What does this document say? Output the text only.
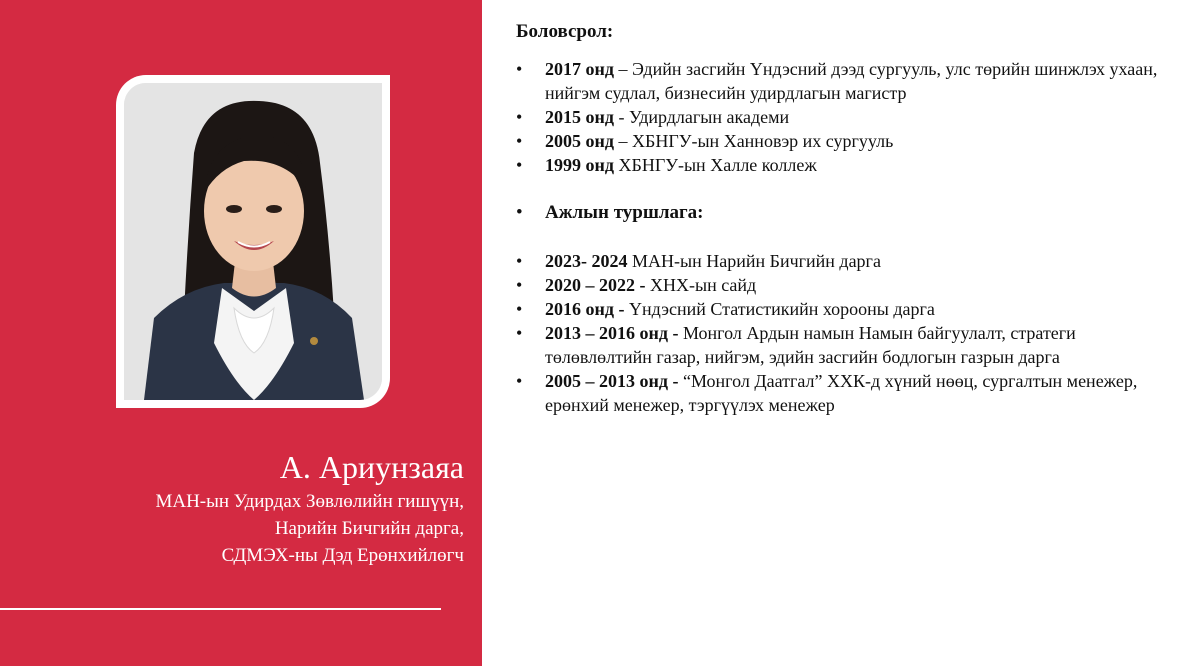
А. Ариунзаяа
МАН-ын Удирдах Зөвлөлийн гишүүн,
Нарийн Бичгийн дарга,
СДМЭХ-ны Дэд Ерөнхийлөгч
Боловсрол:
• 2017 онд – Эдийн засгийн Үндэсний дээд сургууль, улс төрийн шинжлэх ухаан, нийгэм судлал, бизнесийн удирдлагын магистр
• 2015 онд - Удирдлагын академи
• 2005 онд – ХБНГУ-ын Ханновэр их сургууль
• 1999 онд ХБНГУ-ын Халле коллеж
• Ажлын туршлага:
• 2023- 2024 МАН-ын Нарийн Бичгийн дарга
• 2020 – 2022 - ХНХ-ын сайд
• 2016 онд - Үндэсний Статистикийн хорооны дарга
• 2013 – 2016 онд - Монгол Ардын намын Намын байгуулалт, стратеги төлөвлөлтийн газар, нийгэм, эдийн засгийн бодлогын газрын дарга
• 2005 – 2013 онд - “Монгол Даатгал” ХХК-д хүний нөөц, сургалтын менежер, ерөнхий менежер, тэргүүлэх менежер
